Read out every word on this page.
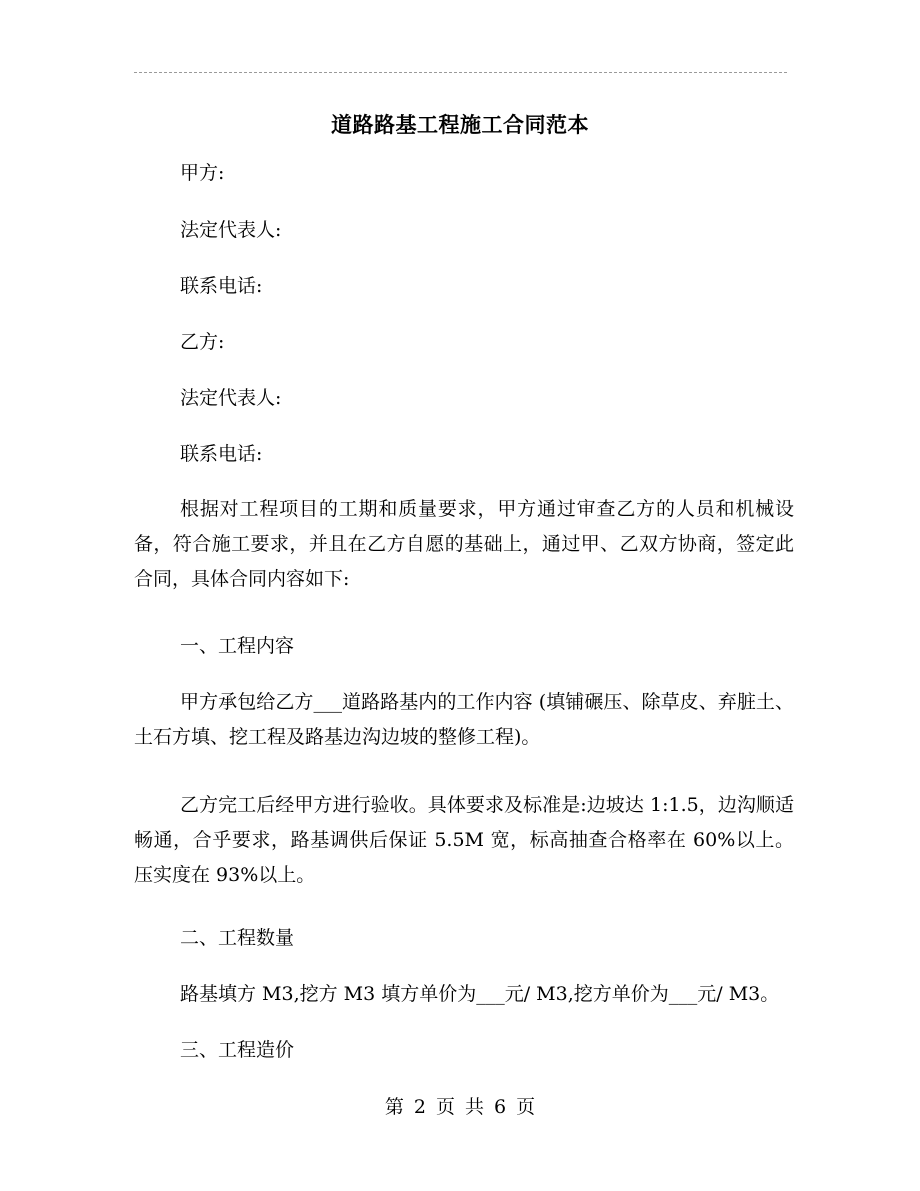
道路路基工程施工合同范本
甲方:
法定代表人:
联系电话:
乙方:
法定代表人:
联系电话:
根据对工程项目的工期和质量要求，甲方通过审查乙方的人员和机械设备，符合施工要求，并且在乙方自愿的基础上，通过甲、乙双方协商，签定此合同，具体合同内容如下:
一、工程内容
甲方承包给乙方___道路路基内的工作内容 (填铺碾压、除草皮、弃脏土、土石方填、挖工程及路基边沟边坡的整修工程)。
乙方完工后经甲方进行验收。具体要求及标准是:边坡达 1:1.5，边沟顺适畅通，合乎要求，路基调供后保证 5.5M 宽，标高抽查合格率在 60%以上。压实度在 93%以上。
二、工程数量
路基填方 M3,挖方 M3 填方单价为___元/ M3,挖方单价为___元/ M3。
三、工程造价
第 2 页 共 6 页
